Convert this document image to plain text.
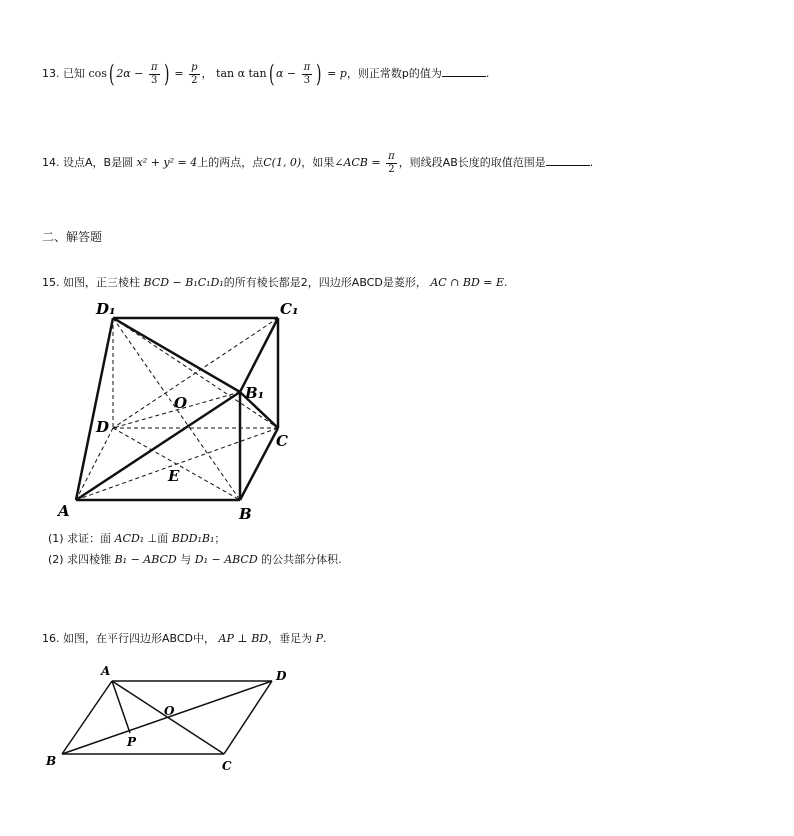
13. 已知 cos( $2\alpha - \frac{\pi}{3}$ ) = $\frac{p}{2}$ ， tan α tan( $\alpha - \frac{\pi}{3}$ ) = p，则正常数p的值为	.
14. 设点A，B是圆 x² + y² = 4上的两点，点C(1, 0)，如果∠ACB = $\frac{\pi}{2}$ ，则线段AB长度的取值范围是	.
二、解答题
15. 如图，正三棱柱 BCD − B₁C₁D₁的所有棱长都是2，四边形ABCD是菱形， AC ∩ BD = E.
D₁	C₁
B₁
O
D
C
E
A	B
(1) 求证：面 ACD₁ ⊥面 BDD₁B₁；
(2) 求四棱锥 B₁ − ABCD 与 D₁ − ABCD 的公共部分体积.
16. 如图，在平行四边形ABCD中， AP ⊥ BD，垂足为 P.
A	D
O
P
B	C
